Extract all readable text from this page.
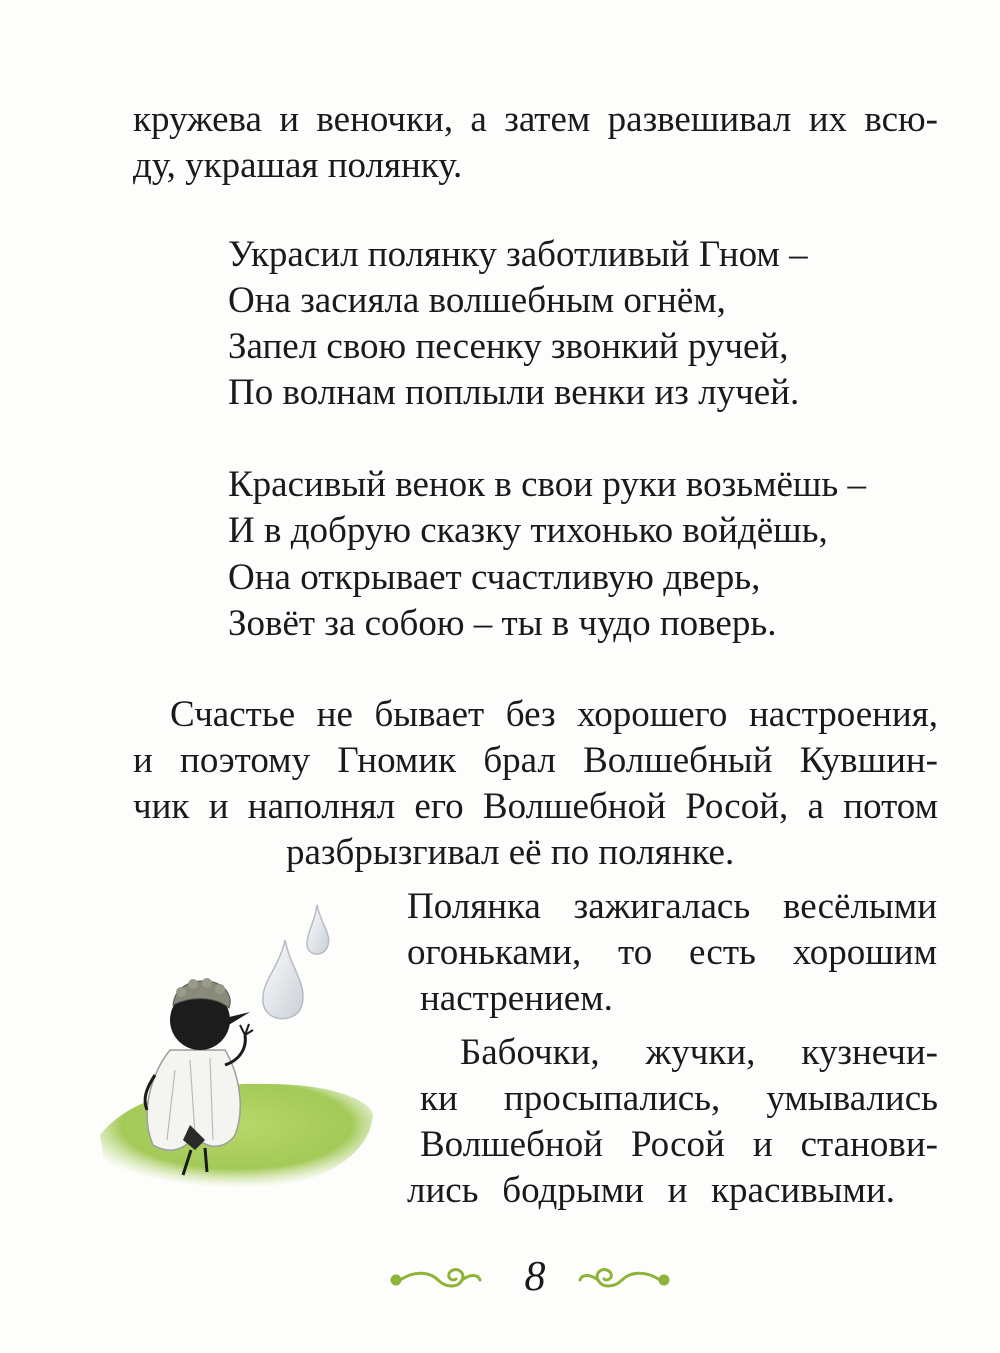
кружева и веночки, а затем развешивал их всю-
ду, украшая полянку.
Украсил полянку заботливый Гном –
Она засияла волшебным огнём,
Запел свою песенку звонкий ручей,
По волнам поплыли венки из лучей.
Красивый венок в свои руки возьмёшь –
И в добрую сказку тихонько войдёшь,
Она открывает счастливую дверь,
Зовёт за собою – ты в чудо поверь.
Счастье не бывает без хорошего настроения,
и поэтому Гномик брал Волшебный Кувшин-
чик и наполнял его Волшебной Росой, а потом
разбрызгивал её по полянке.
Полянка зажигалась весёлыми
огоньками, то есть хорошим
настрением.
Бабочки, жучки, кузнечи-
ки просыпались, умывались
Волшебной Росой и станови-
лись бодрыми и красивыми.
8
